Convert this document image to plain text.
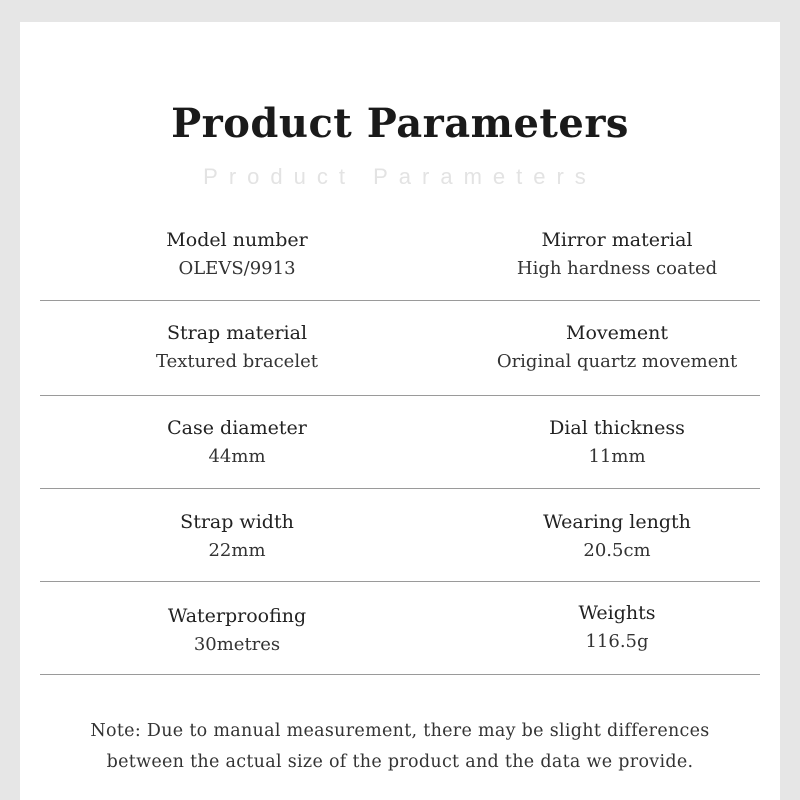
Product Parameters
Product Parameters
Model number
OLEVS/9913
Mirror material
High hardness coated
Strap material
Textured bracelet
Movement
Original quartz movement
Case diameter
44mm
Dial thickness
11mm
Strap width
22mm
Wearing length
20.5cm
Waterproofing
30metres
Weights
116.5g
Note: Due to manual measurement, there may be slight differences
between the actual size of the product and the data we provide.
